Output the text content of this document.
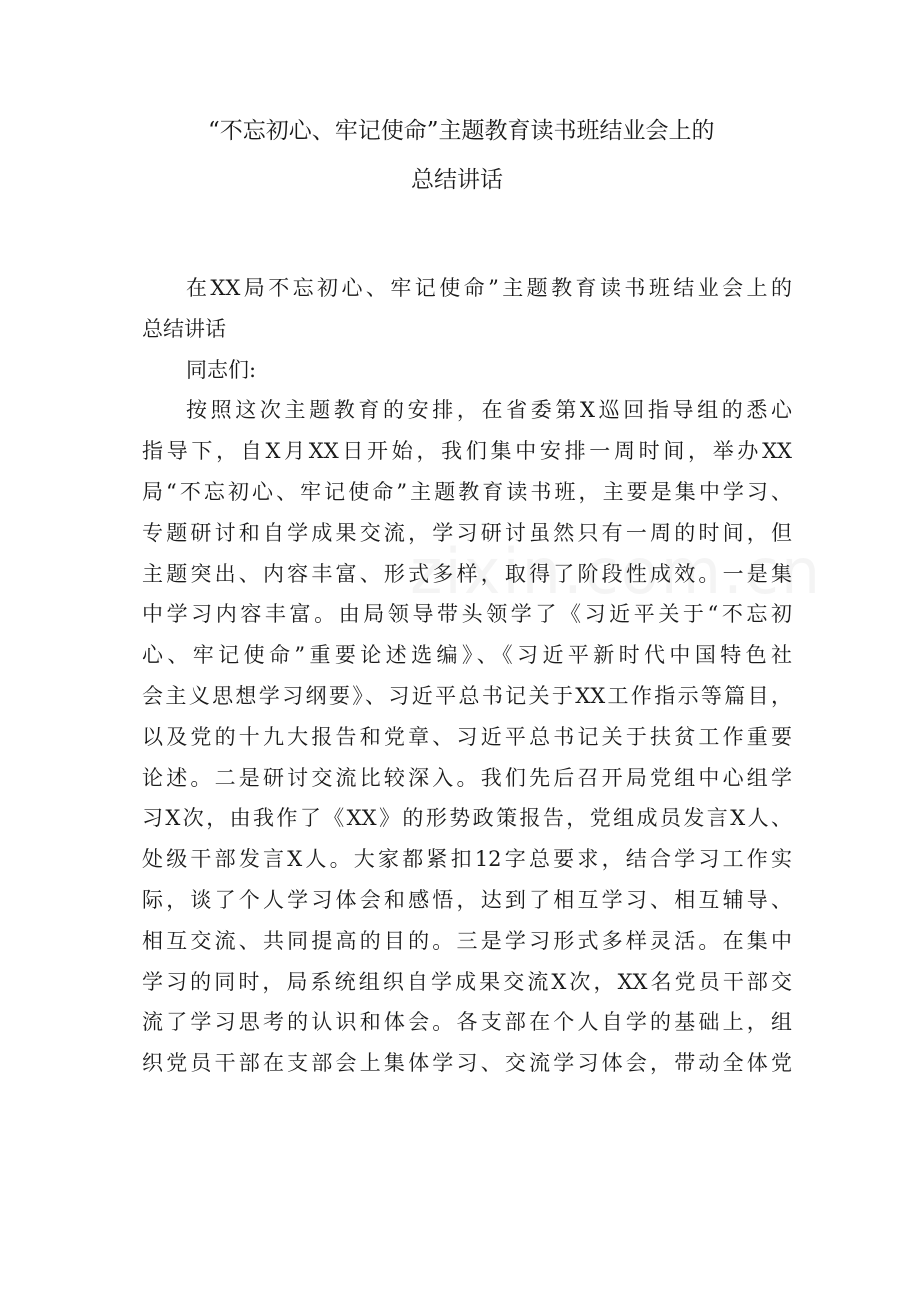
“不忘初心、牢记使命”主题教育读书班结业会上的
总结讲话
在XX局不忘初心、牢记使命”主题教育读书班结业会上的
总结讲话
同志们:
按照这次主题教育的安排，在省委第X巡回指导组的悉心
指导下，自X月XX日开始，我们集中安排一周时间，举办XX
局“不忘初心、牢记使命”主题教育读书班，主要是集中学习、
专题研讨和自学成果交流，学习研讨虽然只有一周的时间，但
主题突出、内容丰富、形式多样，取得了阶段性成效。一是集
中学习内容丰富。由局领导带头领学了《习近平关于“不忘初
心、牢记使命”重要论述选编》、《习近平新时代中国特色社
会主义思想学习纲要》、习近平总书记关于XX工作指示等篇目，
以及党的十九大报告和党章、习近平总书记关于扶贫工作重要
论述。二是研讨交流比较深入。我们先后召开局党组中心组学
习X次，由我作了《XX》的形势政策报告，党组成员发言X人、
处级干部发言X人。大家都紧扣12字总要求，结合学习工作实
际，谈了个人学习体会和感悟，达到了相互学习、相互辅导、
相互交流、共同提高的目的。三是学习形式多样灵活。在集中
学习的同时，局系统组织自学成果交流X次，XX名党员干部交
流了学习思考的认识和体会。各支部在个人自学的基础上，组
织党员干部在支部会上集体学习、交流学习体会，带动全体党
